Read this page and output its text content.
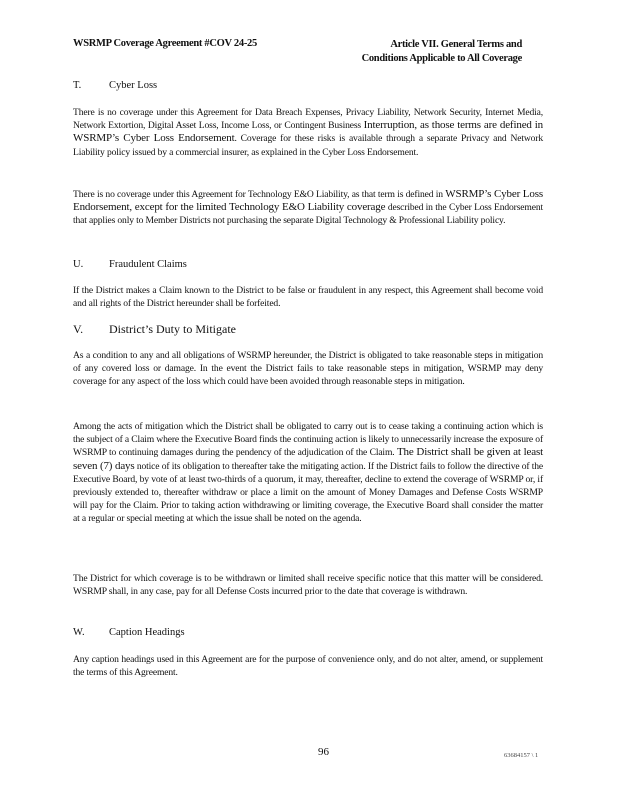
WSRMP Coverage Agreement #COV 24-25	Article VII. General Terms and
Conditions Applicable to All Coverage
T.	Cyber Loss
There is no coverage under this Agreement for Data Breach Expenses, Privacy Liability, Network Security, Internet Media, Network Extortion, Digital Asset Loss, Income Loss, or Contingent Business Interruption, as those terms are defined in WSRMP’s Cyber Loss Endorsement. Coverage for these risks is available through a separate Privacy and Network Liability policy issued by a commercial insurer, as explained in the Cyber Loss Endorsement.
There is no coverage under this Agreement for Technology E&O Liability, as that term is defined in WSRMP’s Cyber Loss Endorsement, except for the limited Technology E&O Liability coverage described in the Cyber Loss Endorsement that applies only to Member Districts not purchasing the separate Digital Technology & Professional Liability policy.
U. Fraudulent Claims
If the District makes a Claim known to the District to be false or fraudulent in any respect, this Agreement shall become void and all rights of the District hereunder shall be forfeited.
V. District’s Duty to Mitigate
As a condition to any and all obligations of WSRMP hereunder, the District is obligated to take reasonable steps in mitigation of any covered loss or damage. In the event the District fails to take reasonable steps in mitigation, WSRMP may deny coverage for any aspect of the loss which could have been avoided through reasonable steps in mitigation.
Among the acts of mitigation which the District shall be obligated to carry out is to cease taking a continuing action which is the subject of a Claim where the Executive Board finds the continuing action is likely to unnecessarily increase the exposure of WSRMP to continuing damages during the pendency of the adjudication of the Claim. The District shall be given at least seven (7) days notice of its obligation to thereafter take the mitigating action. If the District fails to follow the directive of the Executive Board, by vote of at least two-thirds of a quorum, it may, thereafter, decline to extend the coverage of WSRMP or, if previously extended to, thereafter withdraw or place a limit on the amount of Money Damages and Defense Costs WSRMP will pay for the Claim. Prior to taking action withdrawing or limiting coverage, the Executive Board shall consider the matter at a regular or special meeting at which the issue shall be noted on the agenda.
The District for which coverage is to be withdrawn or limited shall receive specific notice that this matter will be considered. WSRMP shall, in any case, pay for all Defense Costs incurred prior to the date that coverage is withdrawn.
W. Caption Headings
Any caption headings used in this Agreement are for the purpose of convenience only, and do not alter, amend, or supplement the terms of this Agreement.
96	63684157 \ 1
